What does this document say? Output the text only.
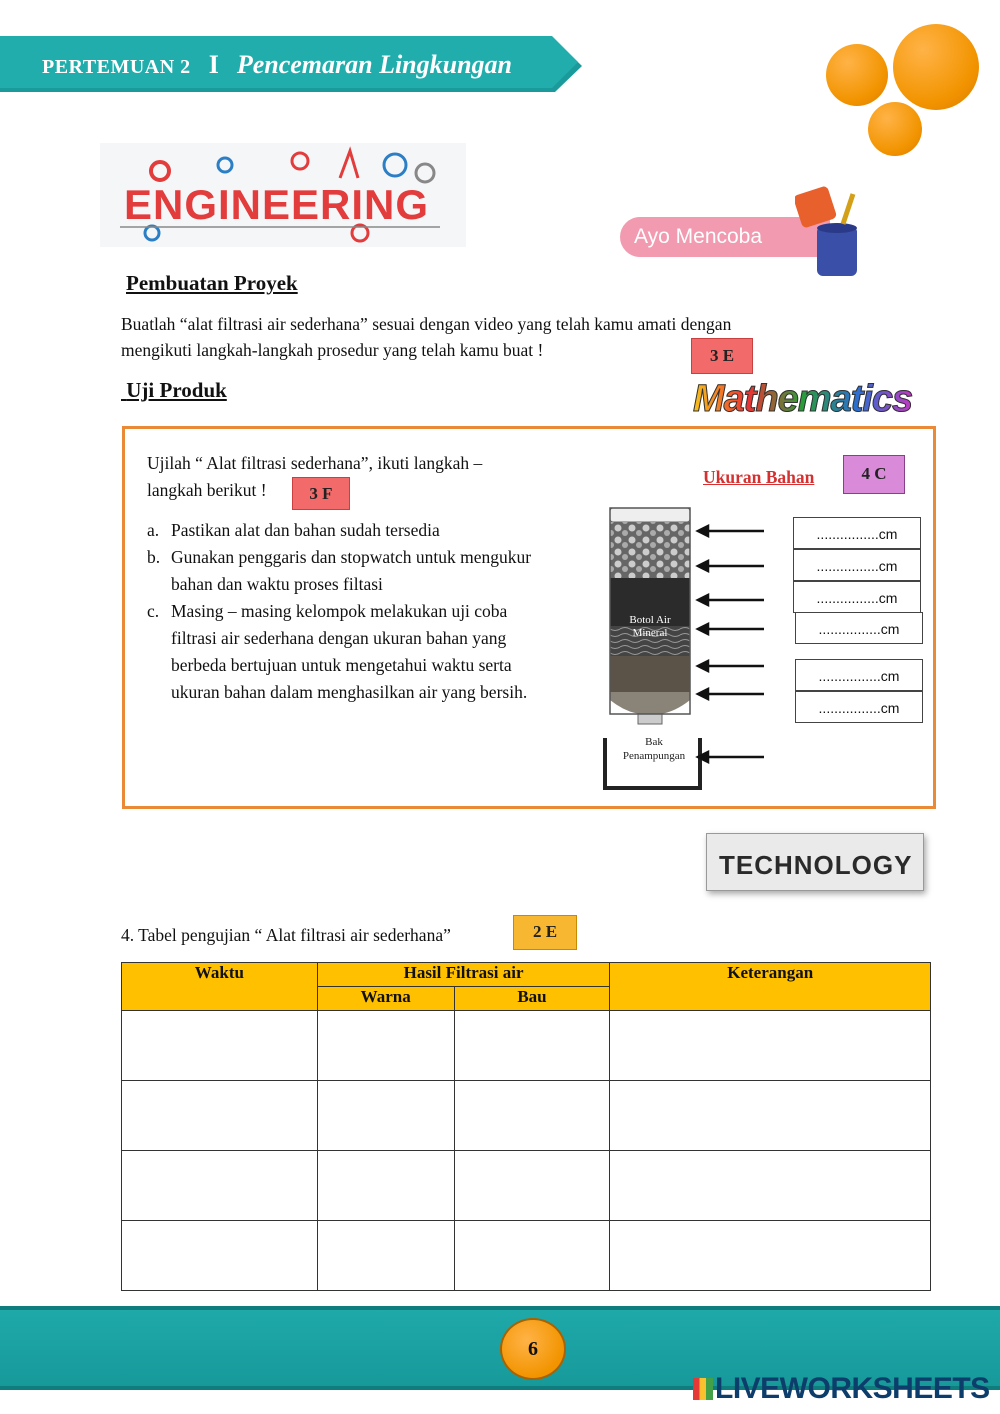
PERTEMUAN 2 I Pencemaran Lingkungan
ENGINEERING
Ayo Mencoba
Pembuatan Proyek
Buatlah “alat filtrasi air sederhana” sesuai dengan video yang telah kamu amati dengan
mengikuti langkah-langkah prosedur yang telah kamu buat !	3 E
Mathematics
Uji Produk
Ujilah “ Alat filtrasi sederhana”, ikuti langkah –
langkah berikut !	3 F
a. Pastikan alat dan bahan sudah tersedia
b. Gunakan penggaris dan stopwatch untuk mengukur bahan dan waktu proses filtasi
c. Masing – masing kelompok melakukan uji coba filtrasi air sederhana dengan ukuran bahan yang berbeda bertujuan untuk mengetahui waktu serta ukuran bahan dalam menghasilkan air yang bersih.
Ukuran Bahan	4 C
Botol Air
Mineral
Bak
Penampungan
................cm
................cm
................cm
................cm
................cm
................cm
TECHNOLOGY
4. Tabel pengujian “ Alat filtrasi air sederhana”	2 E
Waktu	Hasil Filtrasi air		Keterangan
	Warna	Bau	

6
LIVEWORKSHEETS
